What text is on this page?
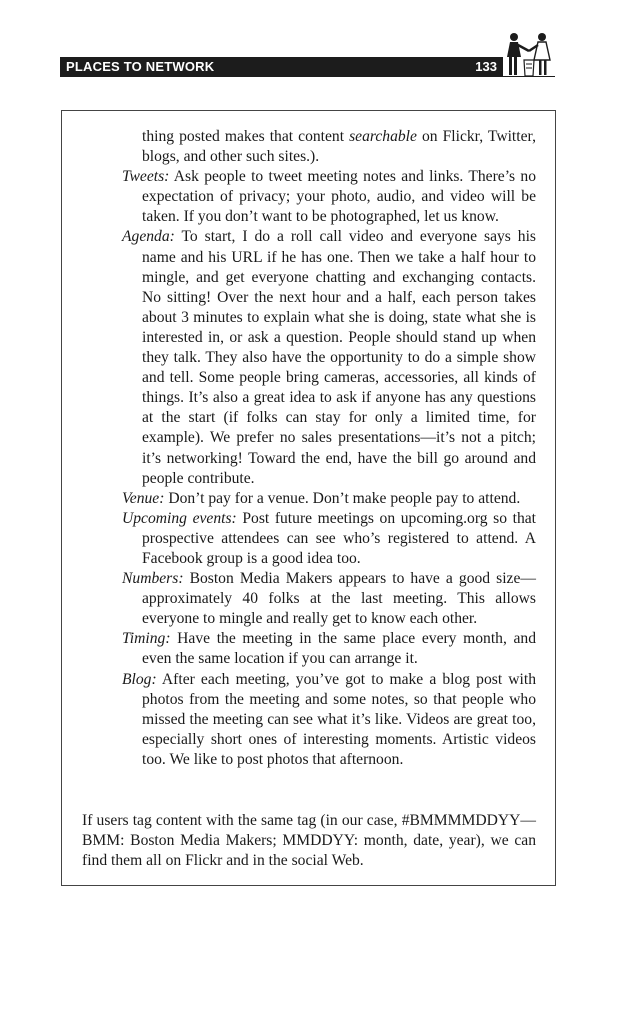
PLACES TO NETWORK	133

thing posted makes that content searchable on Flickr, Twitter, blogs, and other such sites.).

Tweets: Ask people to tweet meeting notes and links. There’s no expectation of privacy; your photo, audio, and video will be taken. If you don’t want to be photographed, let us know.

Agenda: To start, I do a roll call video and everyone says his name and his URL if he has one. Then we take a half hour to mingle, and get everyone chatting and exchanging contacts. No sitting! Over the next hour and a half, each person takes about 3 minutes to explain what she is doing, state what she is interested in, or ask a question. People should stand up when they talk. They also have the opportunity to do a simple show and tell. Some people bring cameras, accessories, all kinds of things. It’s also a great idea to ask if anyone has any questions at the start (if folks can stay for only a limited time, for example). We prefer no sales presentations—it’s not a pitch; it’s networking! Toward the end, have the bill go around and people contribute.

Venue: Don’t pay for a venue. Don’t make people pay to attend.

Upcoming events: Post future meetings on upcoming.org so that prospective attendees can see who’s registered to attend. A Facebook group is a good idea too.

Numbers: Boston Media Makers appears to have a good size—approximately 40 folks at the last meeting. This allows everyone to mingle and really get to know each other.

Timing: Have the meeting in the same place every month, and even the same location if you can arrange it.

Blog: After each meeting, you’ve got to make a blog post with photos from the meeting and some notes, so that people who missed the meeting can see what it’s like. Videos are great too, especially short ones of interesting moments. Artistic videos too. We like to post photos that afternoon.

If users tag content with the same tag (in our case, #BMMMMDDYY—BMM: Boston Media Makers; MMDDYY: month, date, year), we can find them all on Flickr and in the social Web.
